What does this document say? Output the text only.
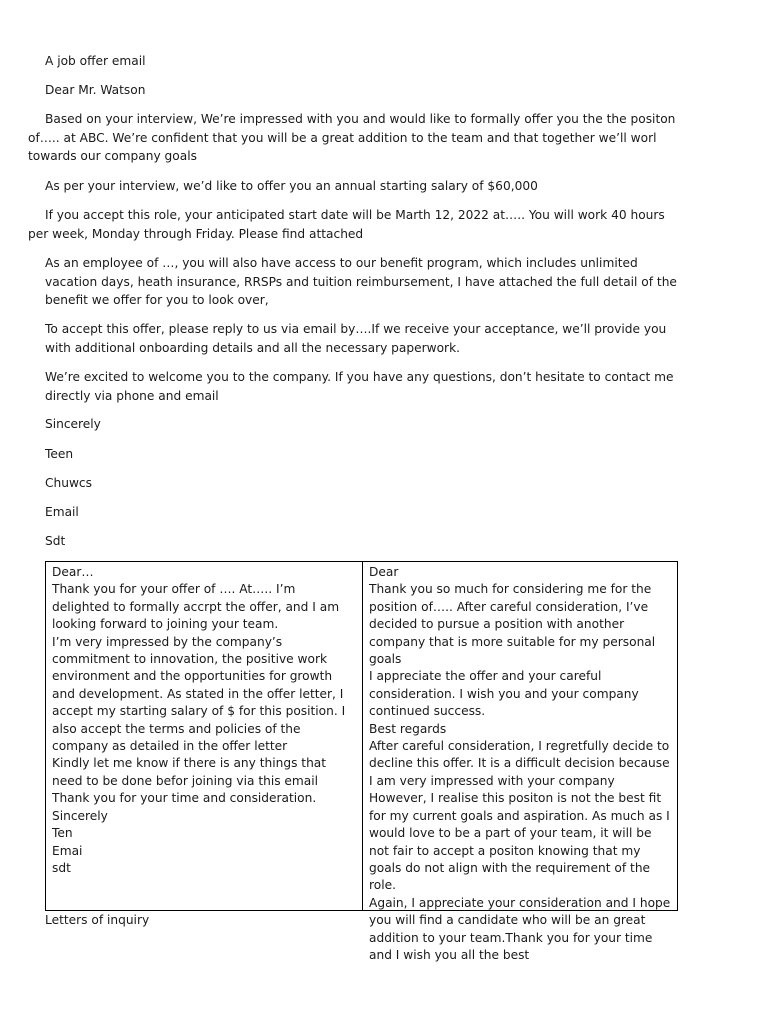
A job offer email

Dear Mr. Watson

Based on your interview, We’re impressed with you and would like to formally offer you the the positon of….. at ABC. We’re confident that you will be a great addition to the team and that together we’ll worl towards our company goals

As per your interview, we’d like to offer you an annual starting salary of $60,000

If you accept this role, your anticipated start date will be Marth 12, 2022 at….. You will work 40 hours per week, Monday through Friday. Please find attached

As an employee of …, you will also have access to our benefit program, which includes unlimited vacation days, heath insurance, RRSPs and tuition reimbursement, I have attached the full detail of the benefit we offer for you to look over,

To accept this offer, please reply to us via email by….If we receive your acceptance, we’ll provide you with additional onboarding details and all the necessary paperwork.

We’re excited to welcome you to the company. If you have any questions, don’t hesitate to contact me directly via phone and email

Sincerely

Teen

Chuwcs

Email

Sdt

Dear…
Thank you for your offer of …. At….. I’m delighted to formally accrpt the offer, and I am looking forward to joining your team.
I’m very impressed by the company’s commitment to innovation, the positive work environment and the opportunities for growth and development. As stated in the offer letter, I accept my starting salary of $ for this position. I also accept the terms and policies of the company as detailed in the offer letter
Kindly let me know if there is any things that need to be done befor joining via this email
Thank you for your time and consideration.
Sincerely
Ten
Emai
sdt
Dear
Thank you so much for considering me for the position of….. After careful consideration, I’ve decided to pursue a position with another company that is more suitable for my personal goals
I appreciate the offer and your careful consideration. I wish you and your company continued success.
Best regards
After careful consideration, I regretfully decide to decline this offer. It is a difficult decision because I am very impressed with your company
However, I realise this positon is not the best fit for my current goals and aspiration. As much as I would love to be a part of your team, it will be not fair to accept a positon knowing that my goals do not align with the requirement of the role.
Again, I appreciate your consideration and I hope you will find a candidate who will be an great addition to your team.Thank you for your time and I wish you all the best

Letters of inquiry
